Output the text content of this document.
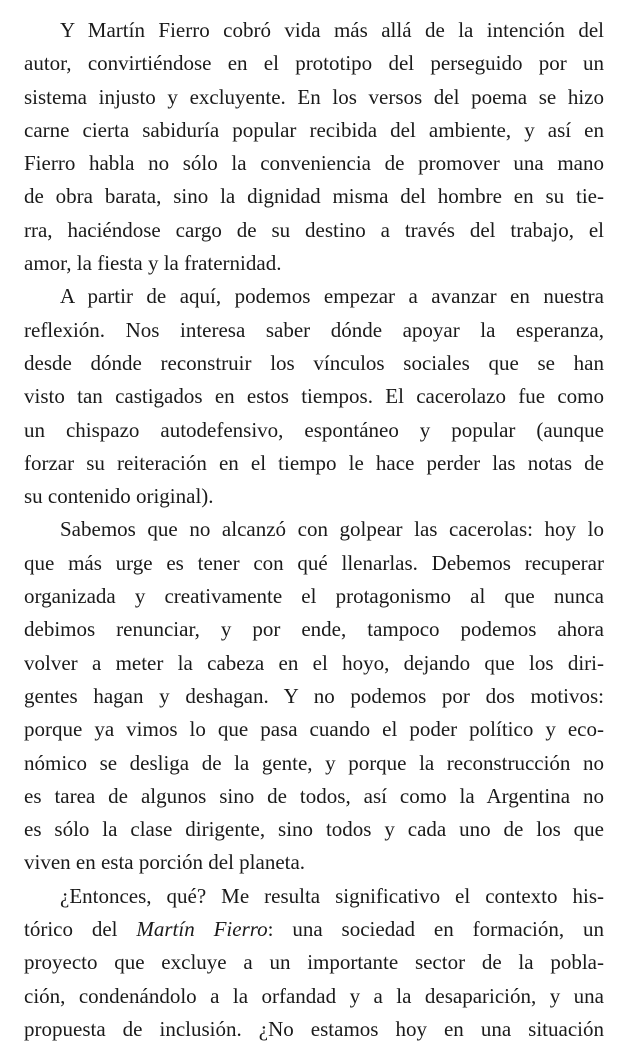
Y Martín Fierro cobró vida más allá de la intención del
autor, convirtiéndose en el prototipo del perseguido por un
sistema injusto y excluyente. En los versos del poema se hizo
carne cierta sabiduría popular recibida del ambiente, y así en
Fierro habla no sólo la conveniencia de promover una mano
de obra barata, sino la dignidad misma del hombre en su tie-
rra, haciéndose cargo de su destino a través del trabajo, el
amor, la fiesta y la fraternidad.
A partir de aquí, podemos empezar a avanzar en nuestra
reflexión. Nos interesa saber dónde apoyar la esperanza,
desde dónde reconstruir los vínculos sociales que se han
visto tan castigados en estos tiempos. El cacerolazo fue como
un chispazo autodefensivo, espontáneo y popular (aunque
forzar su reiteración en el tiempo le hace perder las notas de
su contenido original).
Sabemos que no alcanzó con golpear las cacerolas: hoy lo
que más urge es tener con qué llenarlas. Debemos recuperar
organizada y creativamente el protagonismo al que nunca
debimos renunciar, y por ende, tampoco podemos ahora
volver a meter la cabeza en el hoyo, dejando que los diri-
gentes hagan y deshagan. Y no podemos por dos motivos:
porque ya vimos lo que pasa cuando el poder político y eco-
nómico se desliga de la gente, y porque la reconstrucción no
es tarea de algunos sino de todos, así como la Argentina no
es sólo la clase dirigente, sino todos y cada uno de los que
viven en esta porción del planeta.
¿Entonces, qué? Me resulta significativo el contexto his-
tórico del Martín Fierro: una sociedad en formación, un
proyecto que excluye a un importante sector de la pobla-
ción, condenándolo a la orfandad y a la desaparición, y una
propuesta de inclusión. ¿No estamos hoy en una situación
